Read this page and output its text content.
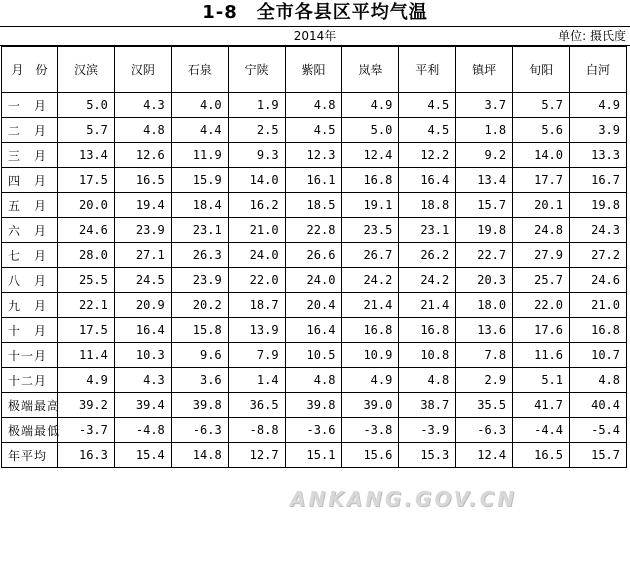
1-8　全市各县区平均气温
2014年	单位: 摄氏度
月　份	汉滨	汉阴	石泉	宁陕	紫阳	岚皋	平利	镇坪	旬阳	白河
一　月	5.0	4.3	4.0	1.9	4.8	4.9	4.5	3.7	5.7	4.9
二　月	5.7	4.8	4.4	2.5	4.5	5.0	4.5	1.8	5.6	3.9
三　月	13.4	12.6	11.9	9.3	12.3	12.4	12.2	9.2	14.0	13.3
四　月	17.5	16.5	15.9	14.0	16.1	16.8	16.4	13.4	17.7	16.7
五　月	20.0	19.4	18.4	16.2	18.5	19.1	18.8	15.7	20.1	19.8
六　月	24.6	23.9	23.1	21.0	22.8	23.5	23.1	19.8	24.8	24.3
七　月	28.0	27.1	26.3	24.0	26.6	26.7	26.2	22.7	27.9	27.2
八　月	25.5	24.5	23.9	22.0	24.0	24.2	24.2	20.3	25.7	24.6
九　月	22.1	20.9	20.2	18.7	20.4	21.4	21.4	18.0	22.0	21.0
十　月	17.5	16.4	15.8	13.9	16.4	16.8	16.8	13.6	17.6	16.8
十一月	11.4	10.3	9.6	7.9	10.5	10.9	10.8	7.8	11.6	10.7
十二月	4.9	4.3	3.6	1.4	4.8	4.9	4.8	2.9	5.1	4.8
极端最高	39.2	39.4	39.8	36.5	39.8	39.0	38.7	35.5	41.7	40.4
极端最低	-3.7	-4.8	-6.3	-8.8	-3.6	-3.8	-3.9	-6.3	-4.4	-5.4
年平均	16.3	15.4	14.8	12.7	15.1	15.6	15.3	12.4	16.5	15.7
ANKANG.GOV.CN
